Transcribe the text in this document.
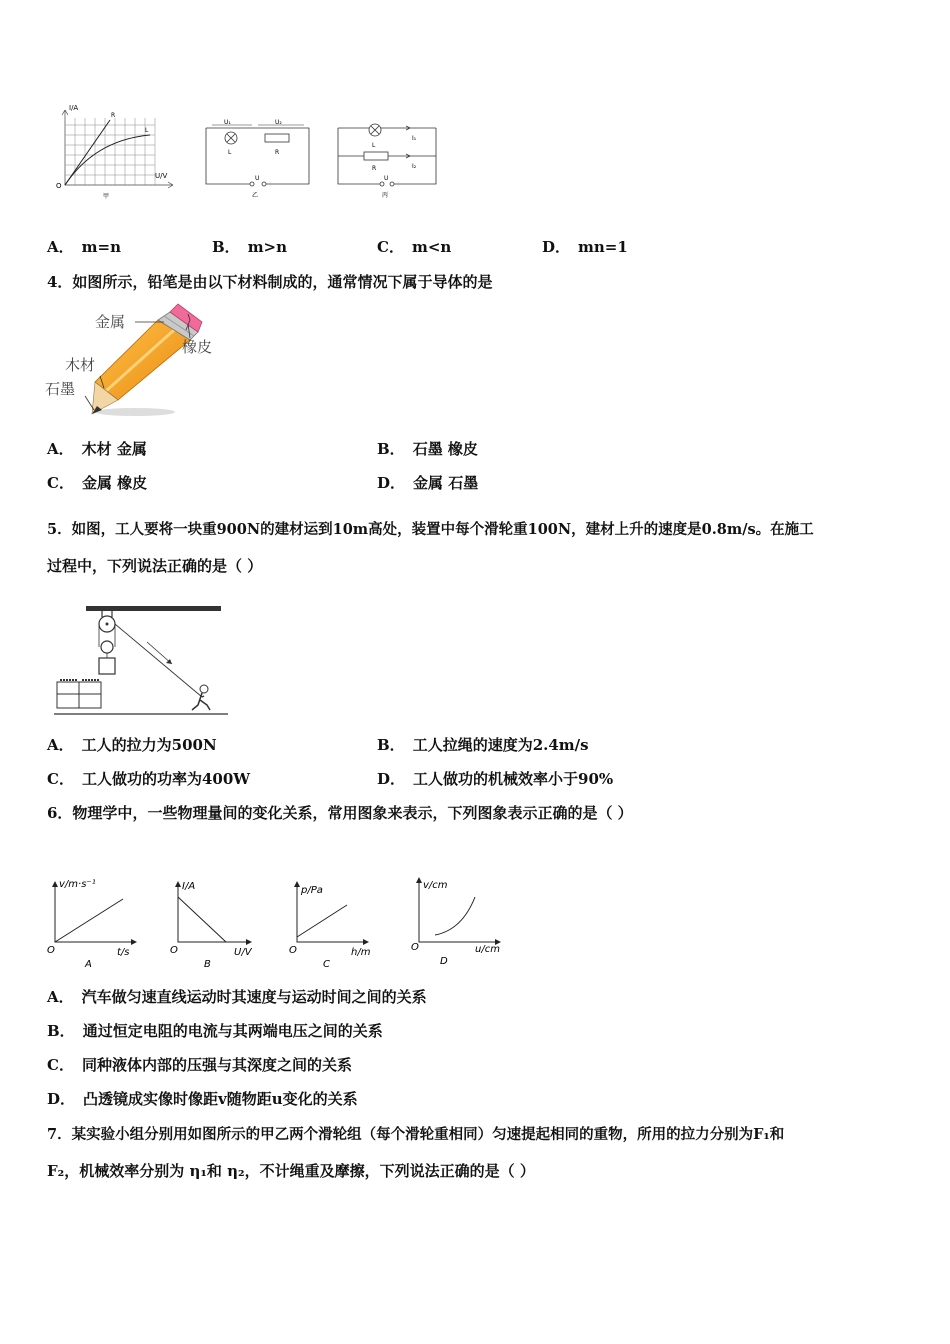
I/A
U/V
O
R
L
甲
U₁	U₂
L	R
U
乙
L
I₁
R	I₂
U
丙
A． m=n	B． m>n	C． m<n	D． mn=1
4．如图所示，铅笔是由以下材料制成的，通常情况下属于导体的是
金属
橡皮
木材
石墨
A． 木材 金属	B． 石墨 橡皮
C． 金属 橡皮	D． 金属 石墨
5．如图，工人要将一块重900N的建材运到10m高处，装置中每个滑轮重100N，建材上升的速度是0.8m/s。在施工
过程中，下列说法正确的是（ ）
A． 工人的拉力为500N	B． 工人拉绳的速度为2.4m/s
C． 工人做功的功率为400W	D． 工人做功的机械效率小于90%
6．物理学中，一些物理量间的变化关系，常用图象来表示，下列图象表示正确的是（ ）
v/m·s⁻¹
t/s
O
A
I/A
U/V
O
B
p/Pa
h/m
O
C
v/cm
u/cm
O
D
A． 汽车做匀速直线运动时其速度与运动时间之间的关系
B． 通过恒定电阻的电流与其两端电压之间的关系
C． 同种液体内部的压强与其深度之间的关系
D． 凸透镜成实像时像距v随物距u变化的关系
7．某实验小组分别用如图所示的甲乙两个滑轮组（每个滑轮重相同）匀速提起相同的重物，所用的拉力分别为F₁和
F₂，机械效率分别为 η₁和 η₂，不计绳重及摩擦，下列说法正确的是（ ）
